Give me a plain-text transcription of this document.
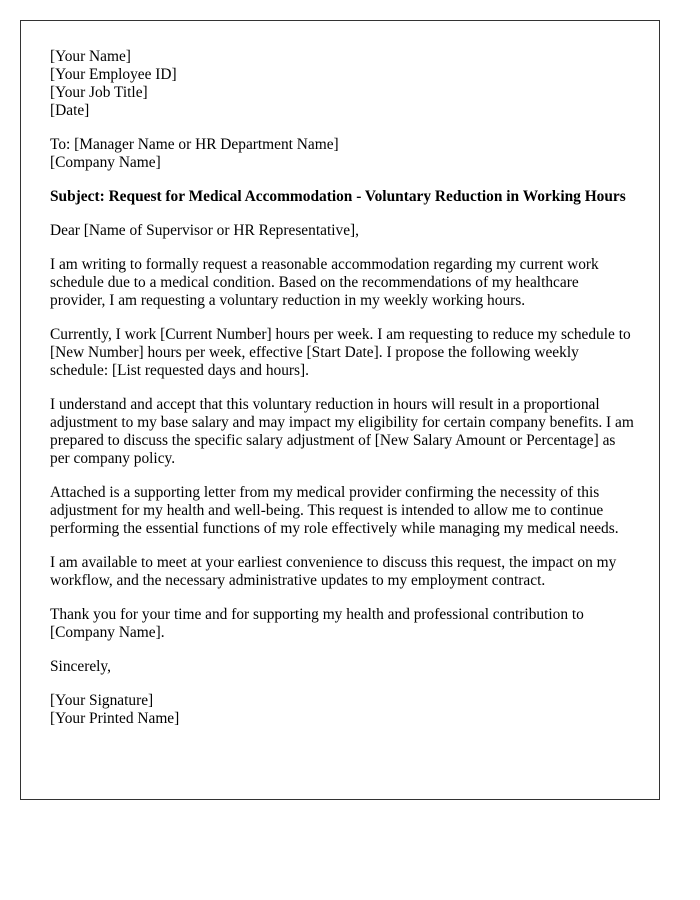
[Your Name]
[Your Employee ID]
[Your Job Title]
[Date]
To: [Manager Name or HR Department Name]
[Company Name]
Subject: Request for Medical Accommodation - Voluntary Reduction in Working Hours
Dear [Name of Supervisor or HR Representative],
I am writing to formally request a reasonable accommodation regarding my current work schedule due to a medical condition. Based on the recommendations of my healthcare provider, I am requesting a voluntary reduction in my weekly working hours.
Currently, I work [Current Number] hours per week. I am requesting to reduce my schedule to [New Number] hours per week, effective [Start Date]. I propose the following weekly schedule: [List requested days and hours].
I understand and accept that this voluntary reduction in hours will result in a proportional adjustment to my base salary and may impact my eligibility for certain company benefits. I am prepared to discuss the specific salary adjustment of [New Salary Amount or Percentage] as per company policy.
Attached is a supporting letter from my medical provider confirming the necessity of this adjustment for my health and well-being. This request is intended to allow me to continue performing the essential functions of my role effectively while managing my medical needs.
I am available to meet at your earliest convenience to discuss this request, the impact on my workflow, and the necessary administrative updates to my employment contract.
Thank you for your time and for supporting my health and professional contribution to [Company Name].
Sincerely,
[Your Signature]
[Your Printed Name]
